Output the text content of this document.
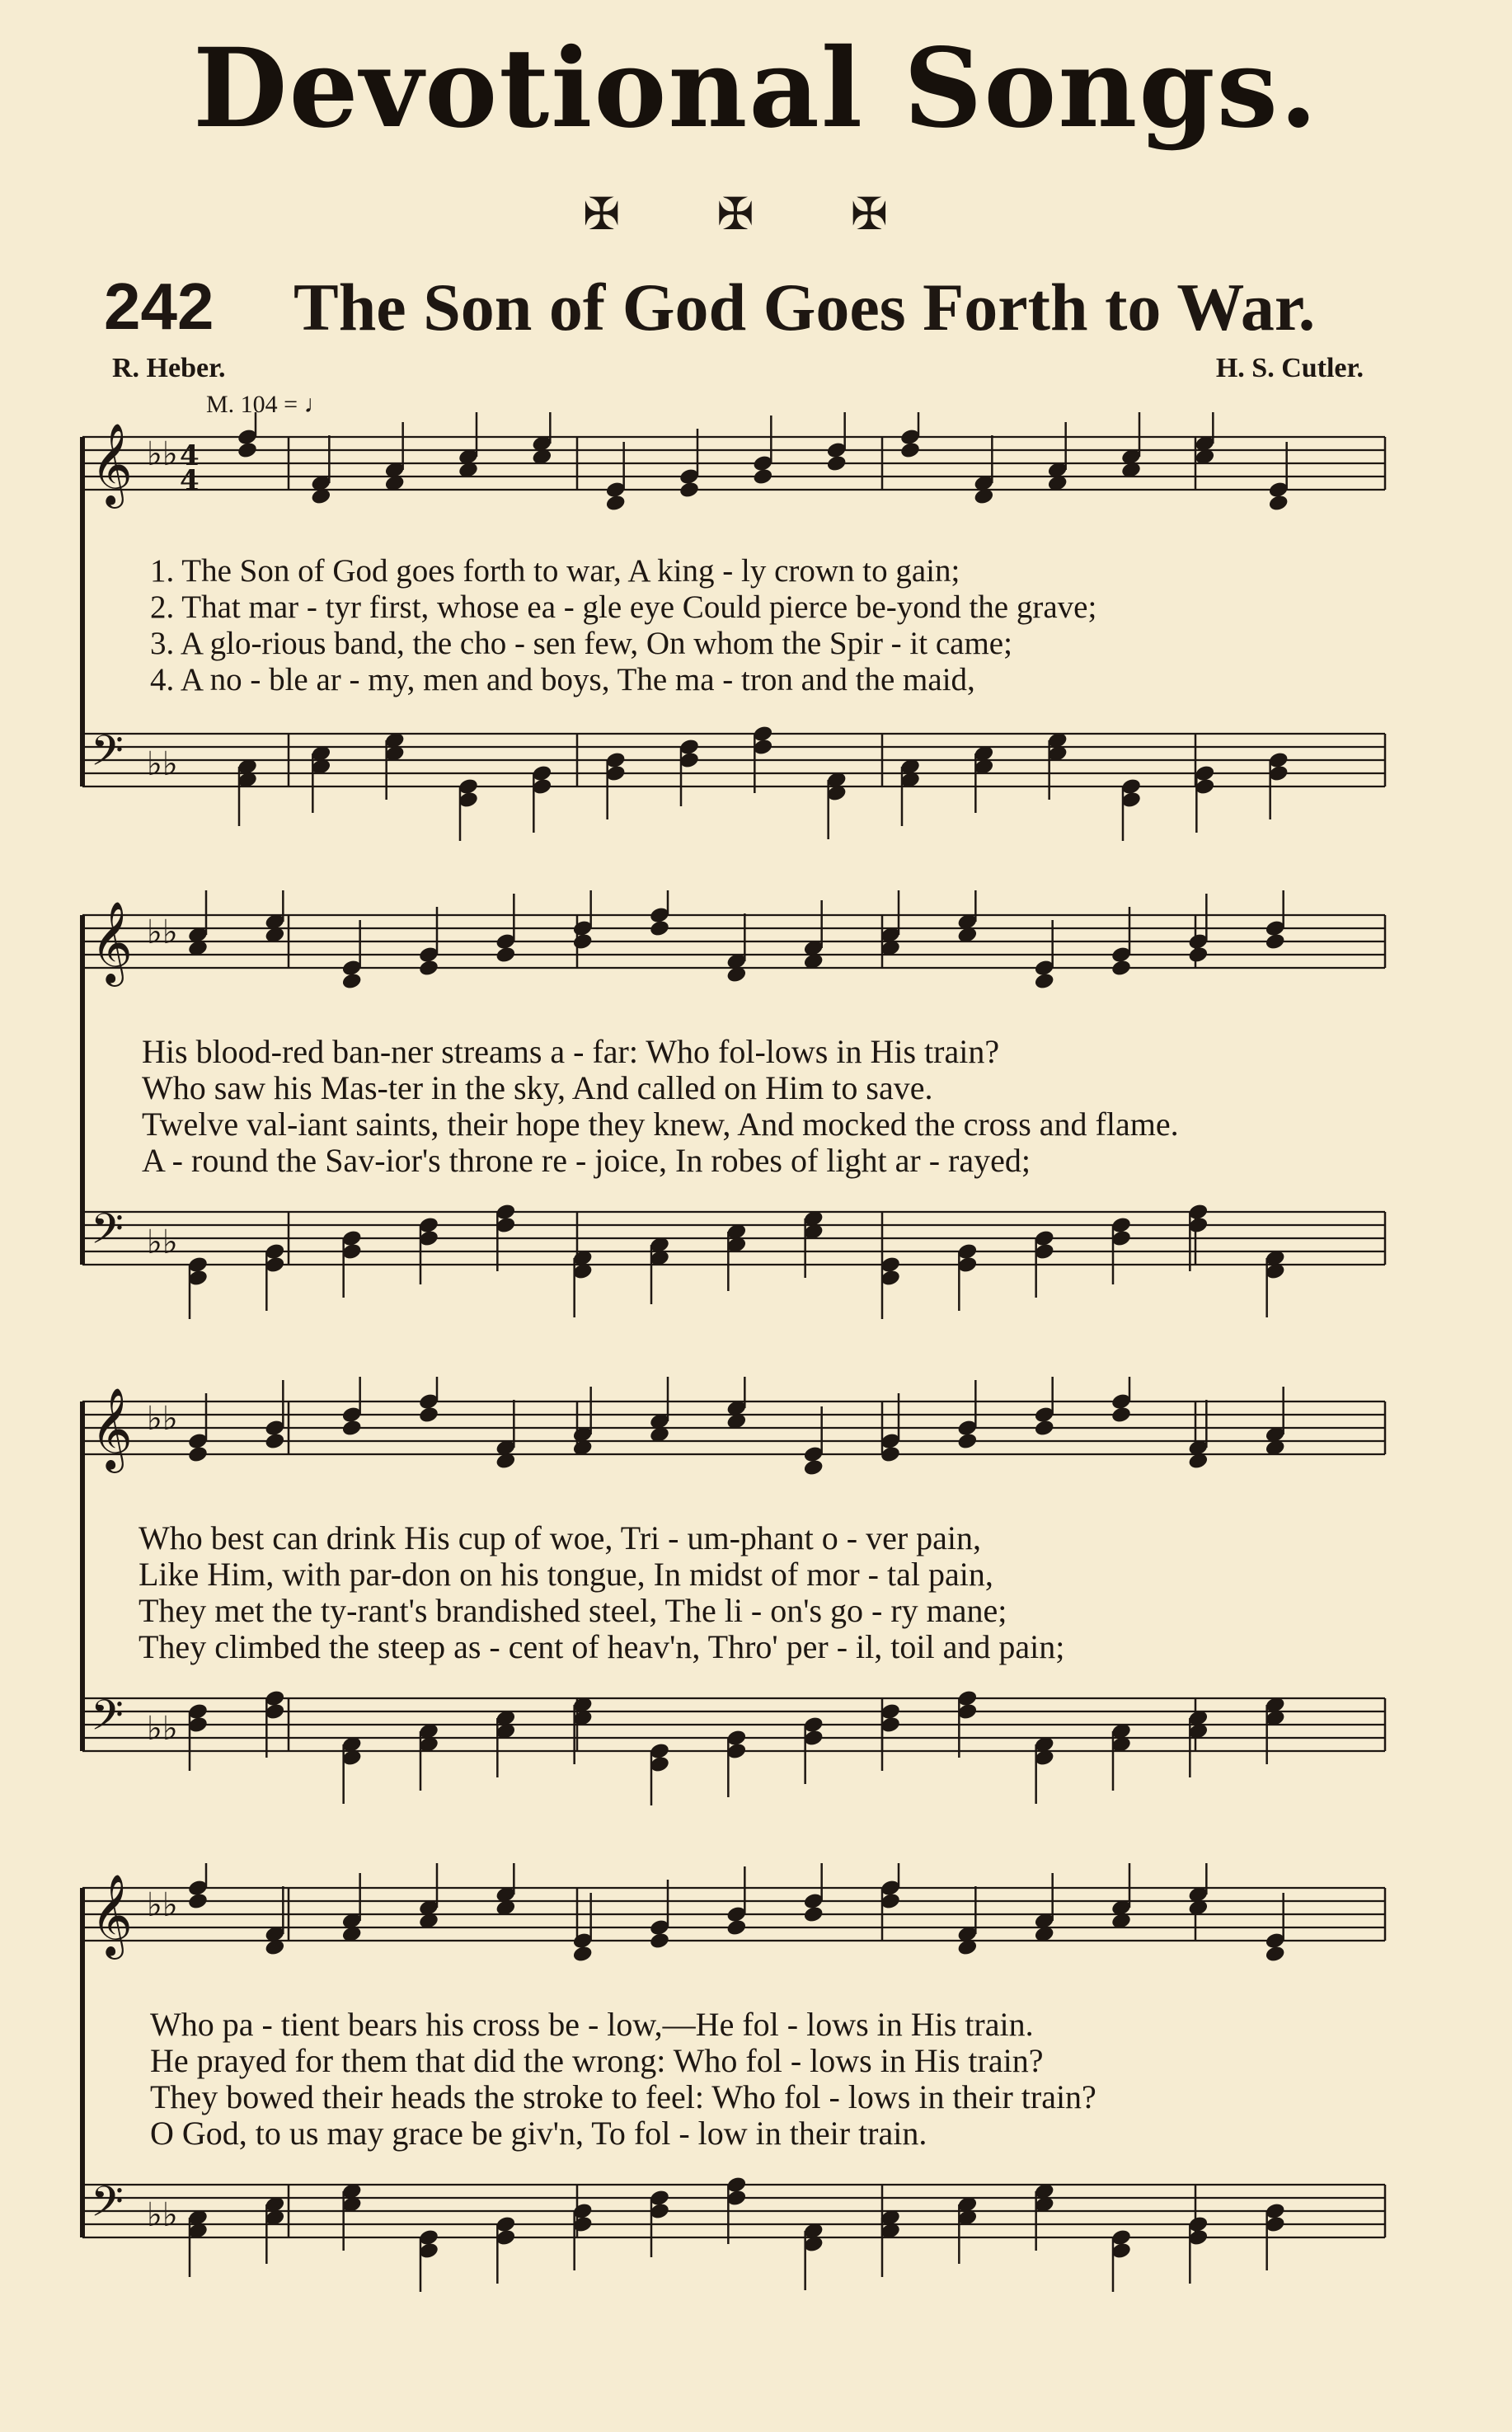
Devotional Songs.
✠ ✠ ✠
242 The Son of God Goes Forth to War.
R. Heber.	H. S. Cutler.
M. 104 = ♩
𝄞 ♭♭
𝄢 ♭♭
4
4
1. The Son of God goes forth to war, A king - ly crown to gain;
2. That mar - tyr first, whose ea - gle eye Could pierce be-yond the grave;
3. A glo-rious band, the cho - sen few, On whom the Spir - it came;
4. A no - ble ar - my, men and boys, The ma - tron and the maid,
𝄞 ♭♭
𝄢 ♭♭
His blood-red ban-ner streams a - far: Who fol-lows in His train?
Who saw his Mas-ter in the sky, And called on Him to save.
Twelve val-iant saints, their hope they knew, And mocked the cross and flame.
A - round the Sav-ior's throne re - joice, In robes of light ar - rayed;
𝄞 ♭♭
𝄢 ♭♭
Who best can drink His cup of woe, Tri - um-phant o - ver pain,
Like Him, with par-don on his tongue, In midst of mor - tal pain,
They met the ty-rant's brandished steel, The li - on's go - ry mane;
They climbed the steep as - cent of heav'n, Thro' per - il, toil and pain;
𝄞 ♭♭
𝄢 ♭♭
Who pa - tient bears his cross be - low,—He fol - lows in His train.
He prayed for them that did the wrong: Who fol - lows in His train?
They bowed their heads the stroke to feel: Who fol - lows in their train?
O God, to us may grace be giv'n, To fol - low in their train.
